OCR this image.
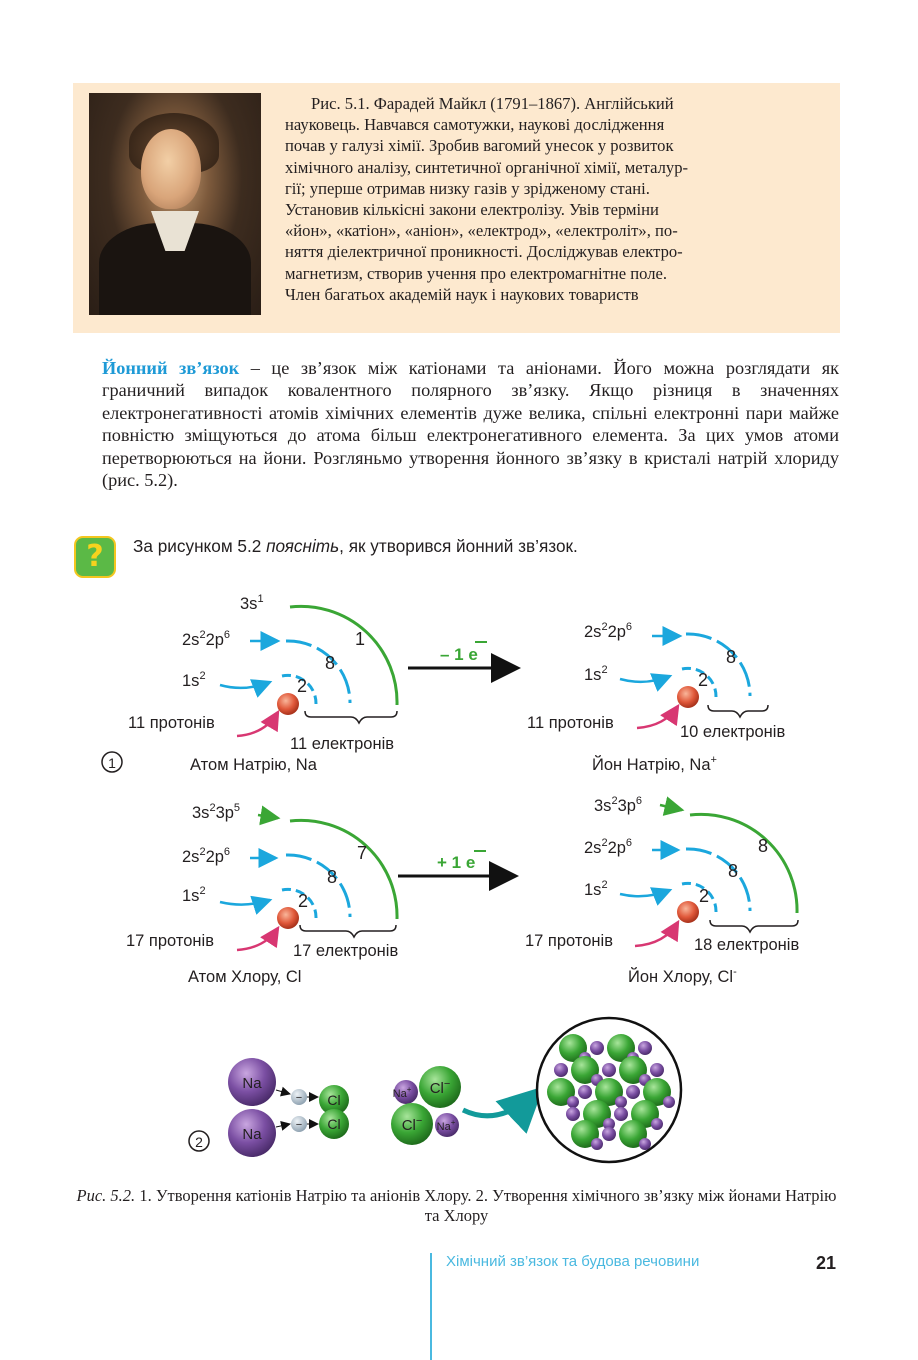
Рис. 5.1. Фарадей Майкл (1791–1867). Англійський
науковець. Навчався самотужки, наукові дослідження
почав у галузі хімії. Зробив вагомий унесок у розвиток
хімічного аналізу, синтетичної органічної хімії, металур-
гії; уперше отримав низку газів у зрідженому стані.
Установив кількісні закони електролізу. Увів терміни
«йон», «катіон», «аніон», «електрод», «електроліт», по-
няття діелектричної проникності. Досліджував електро-
магнетизм, створив учення про електромагнітне поле.
Член багатьох академій наук і наукових товариств
Йонний зв’язок – це зв’язок між катіонами та аніонами. Його можна розглядати як граничний випадок ковалентного полярного зв’язку. Якщо різниця в значеннях електронегативності атомів хімічних елементів дуже велика, спільні електронні пари майже повністю зміщуються до атома більш електронегативного елемента. За цих умов атоми перетворюються на йони. Розгляньмо утворення йонного зв’язку в кристалі натрій хлориду (рис. 5.2).
?	За рисунком 5.2 поясніть, як утворився йонний зв’язок.
1
$3s^1$
$2s^22p^6$
$1s^2$
11 протонів
2
8
1
11 електронів
Атом Натрію, Na
– 1 e
$2s^22p^6$
$1s^2$
11 протонів
2
8
10 електронів
Йон Натрію, Na+
$3s^23p^5$
$2s^22p^6$
$1s^2$
17 протонів
2
8
7
17 електронів
Атом Хлору, Cl
+ 1 e
$3s^23p^6$
$2s^22p^6$
$1s^2$
17 протонів
2
8
8
18 електронів
Йон Хлору, Cl-
2
Na
Na
−
−
Cl
Cl
Na+ Cl−
Cl− Na+
Рис. 5.2. 1. Утворення катіонів Натрію та аніонів Хлору. 2. Утворення хімічного зв’язку між йонами Натрію та Хлору
Хімічний зв’язок та будова речовини	21
